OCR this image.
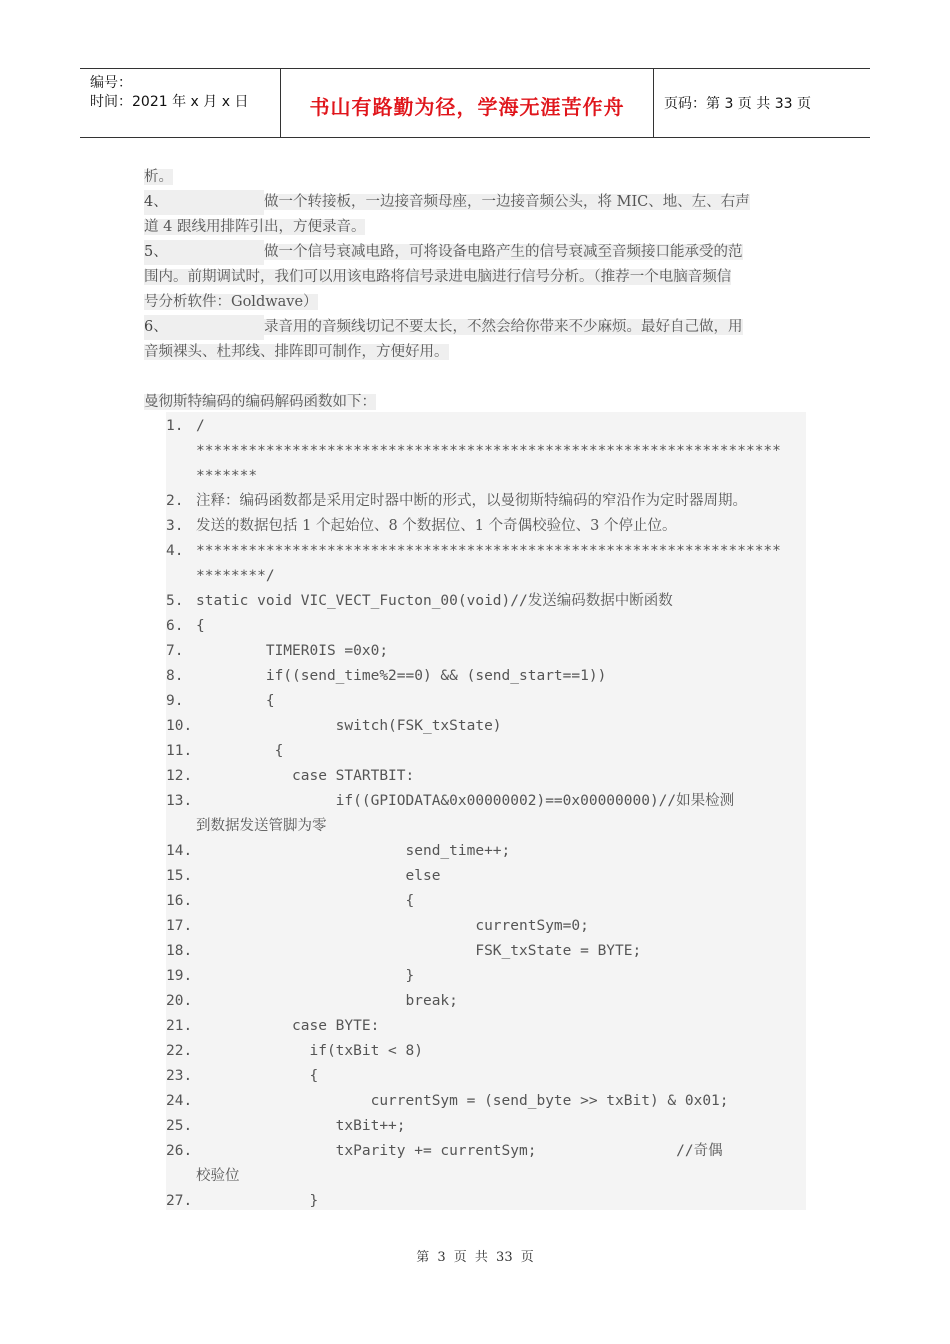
编号：
时间：2021 年 x 月 x 日	书山有路勤为径，学海无涯苦作舟	页码：第 3 页 共 33 页
析。
4、	做一个转接板，一边接音频母座，一边接音频公头，将 MIC、地、左、右声
道 4 跟线用排阵引出，方便录音。
5、	做一个信号衰减电路，可将设备电路产生的信号衰减至音频接口能承受的范
围内。前期调试时，我们可以用该电路将信号录进电脑进行信号分析。（推荐一个电脑音频信
号分析软件：Goldwave）
6、	录音用的音频线切记不要太长，不然会给你带来不少麻烦。最好自己做，用
音频裸头、杜邦线、排阵即可制作，方便好用。
曼彻斯特编码的编码解码函数如下：
1. /
*******************************************************************
*******
2. 注释：编码函数都是采用定时器中断的形式，以曼彻斯特编码的窄沿作为定时器周期。
3. 发送的数据包括 1 个起始位、8 个数据位、1 个奇偶校验位、3 个停止位。
4. *******************************************************************
********/
5. static void VIC_VECT_Fucton_00(void)//发送编码数据中断函数
6. {
7.        TIMER0IS =0x0;
8.        if((send_time%2==0) && (send_start==1))
9.        {
10.                switch(FSK_txState)
11.         {
12.           case STARTBIT:
13.                if((GPIODATA&0x00000002)==0x00000000)//如果检测
到数据发送管脚为零
14.                        send_time++;
15.                        else
16.                        {
17.                                currentSym=0;
18.                                FSK_txState = BYTE;
19.                        }
20.                        break;
21.           case BYTE:
22.             if(txBit < 8)
23.             {
24.                    currentSym = (send_byte >> txBit) & 0x01;
25.                txBit++;
26.                txParity += currentSym;                //奇偶
校验位
27.             }
第 3 页 共 33 页
